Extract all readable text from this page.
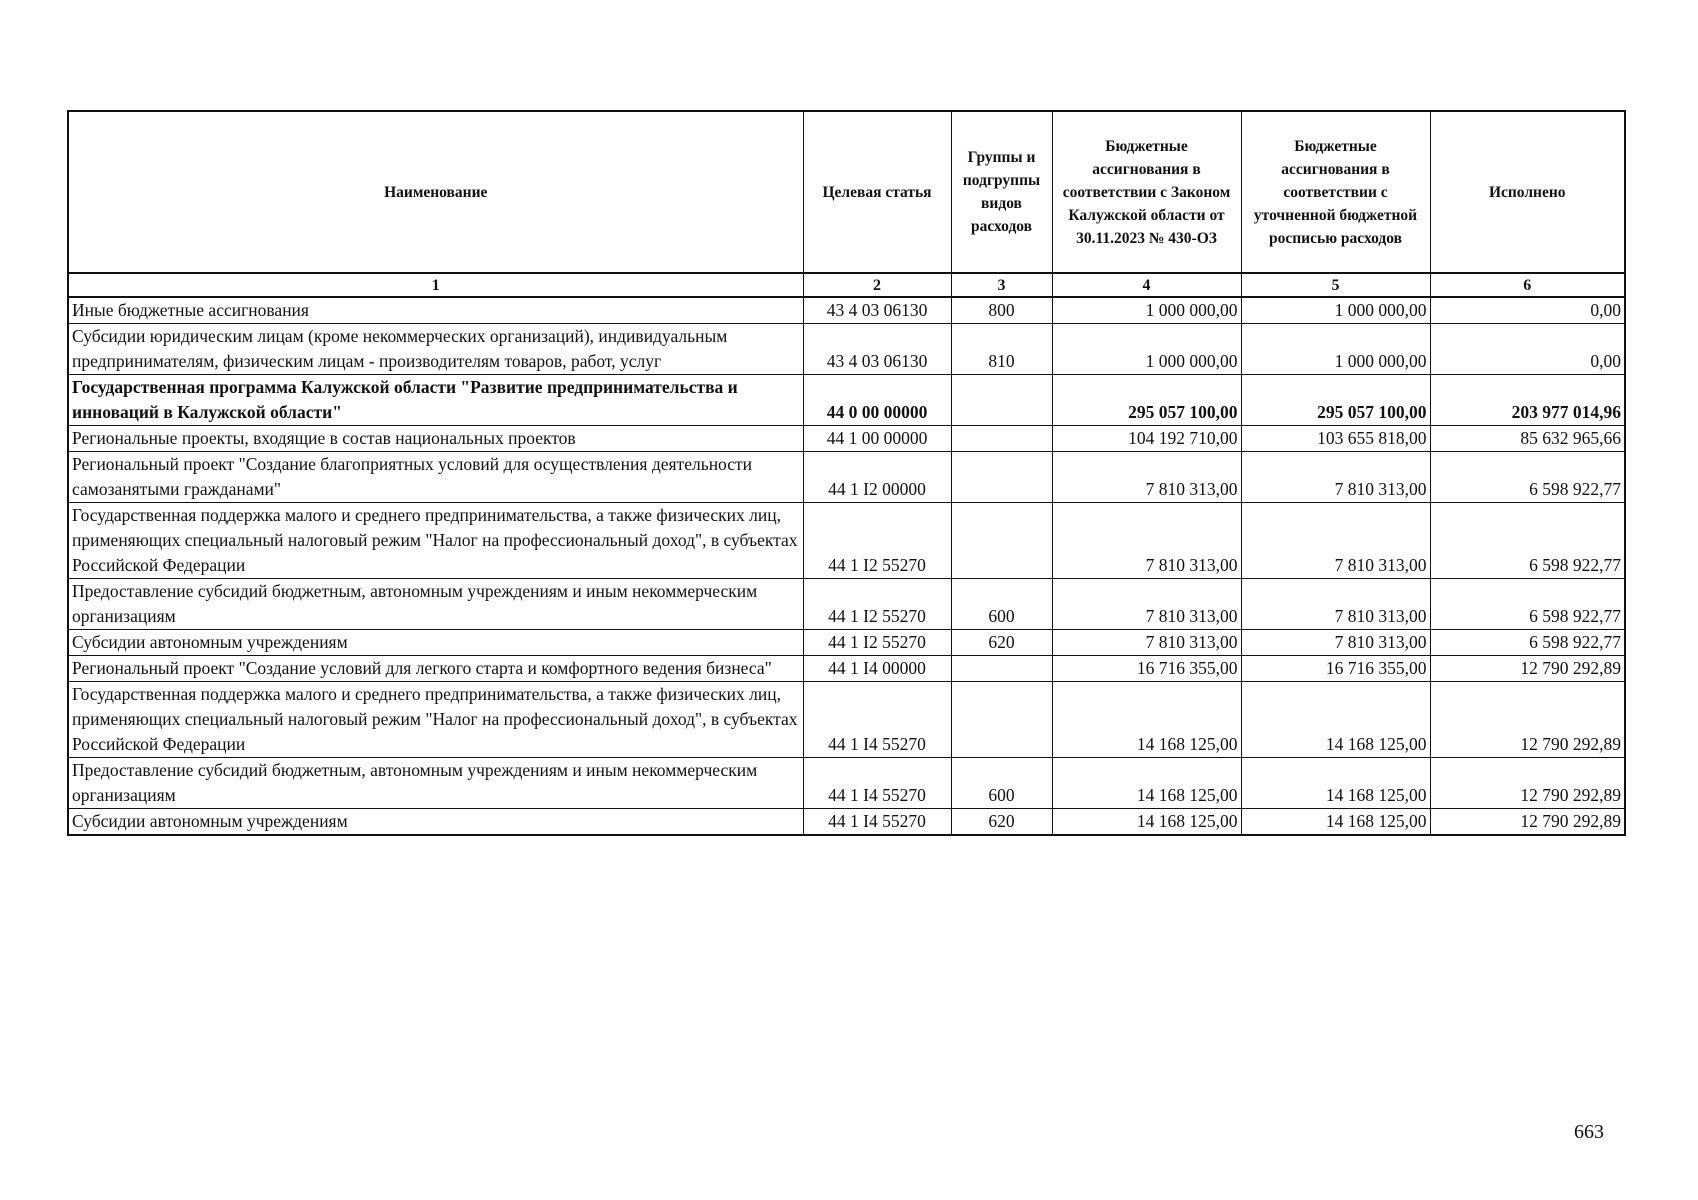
Наименование	Целевая статья	Группы и подгруппы видов расходов	Бюджетные ассигнования в соответствии с Законом Калужской области от 30.11.2023 № 430-ОЗ	Бюджетные ассигнования в соответствии с уточненной бюджетной росписью расходов	Исполнено
1	2	3	4	5	6
Иные бюджетные ассигнования	43 4 03 06130	800	1 000 000,00	1 000 000,00	0,00
Субсидии юридическим лицам (кроме некоммерческих организаций), индивидуальным предпринимателям, физическим лицам - производителям товаров, работ, услуг	43 4 03 06130	810	1 000 000,00	1 000 000,00	0,00
Государственная программа Калужской области "Развитие предпринимательства и инноваций в Калужской области"	44 0 00 00000		295 057 100,00	295 057 100,00	203 977 014,96
Региональные проекты, входящие в состав национальных проектов	44 1 00 00000		104 192 710,00	103 655 818,00	85 632 965,66
Региональный проект "Создание благоприятных условий для осуществления деятельности самозанятыми гражданами"	44 1 I2 00000		7 810 313,00	7 810 313,00	6 598 922,77
Государственная поддержка малого и среднего предпринимательства, а также физических лиц, применяющих специальный налоговый режим "Налог на профессиональный доход", в субъектах Российской Федерации	44 1 I2 55270		7 810 313,00	7 810 313,00	6 598 922,77
Предоставление субсидий бюджетным, автономным учреждениям и иным некоммерческим организациям	44 1 I2 55270	600	7 810 313,00	7 810 313,00	6 598 922,77
Субсидии автономным учреждениям	44 1 I2 55270	620	7 810 313,00	7 810 313,00	6 598 922,77
Региональный проект "Создание условий для легкого старта и комфортного ведения бизнеса"	44 1 I4 00000		16 716 355,00	16 716 355,00	12 790 292,89
Государственная поддержка малого и среднего предпринимательства, а также физических лиц, применяющих специальный налоговый режим "Налог на профессиональный доход", в субъектах Российской Федерации	44 1 I4 55270		14 168 125,00	14 168 125,00	12 790 292,89
Предоставление субсидий бюджетным, автономным учреждениям и иным некоммерческим организациям	44 1 I4 55270	600	14 168 125,00	14 168 125,00	12 790 292,89
Субсидии автономным учреждениям	44 1 I4 55270	620	14 168 125,00	14 168 125,00	12 790 292,89
663
